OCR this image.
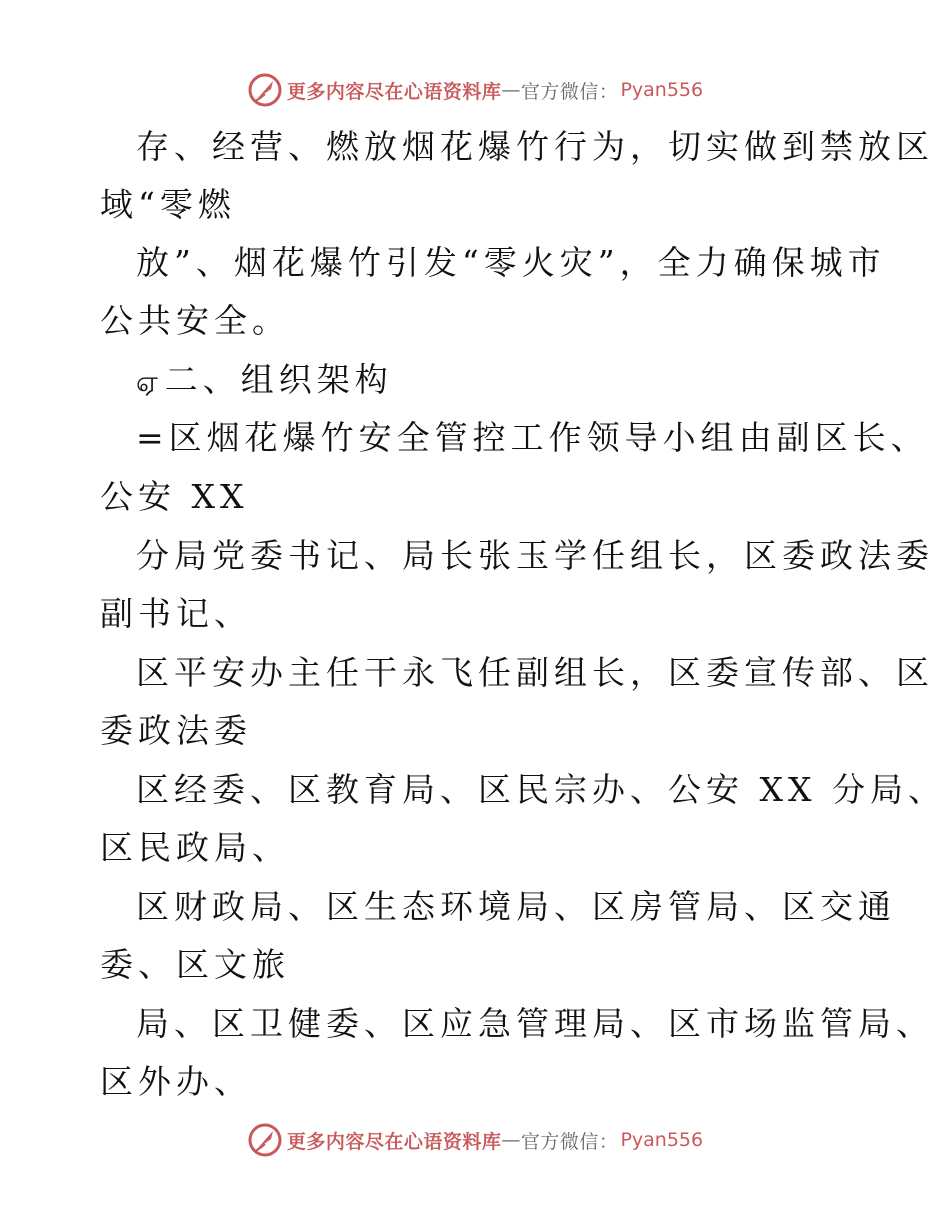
更多内容尽在心语资料库 — 官方微信： Pyan556
存、经营、燃放烟花爆竹行为，切实做到禁放区
域“零燃
放”、烟花爆竹引发“零火灾”，全力确保城市
公共安全。
ஏ二、组织架构
=区烟花爆竹安全管控工作领导小组由副区长、
公安 XX
分局党委书记、局长张玉学任组长，区委政法委
副书记、
区平安办主任干永飞任副组长，区委宣传部、区
委政法委
区经委、区教育局、区民宗办、公安 XX 分局、
区民政局、
区财政局、区生态环境局、区房管局、区交通
委、区文旅
局、区卫健委、区应急管理局、区市场监管局、
区外办、
更多内容尽在心语资料库 — 官方微信： Pyan556
